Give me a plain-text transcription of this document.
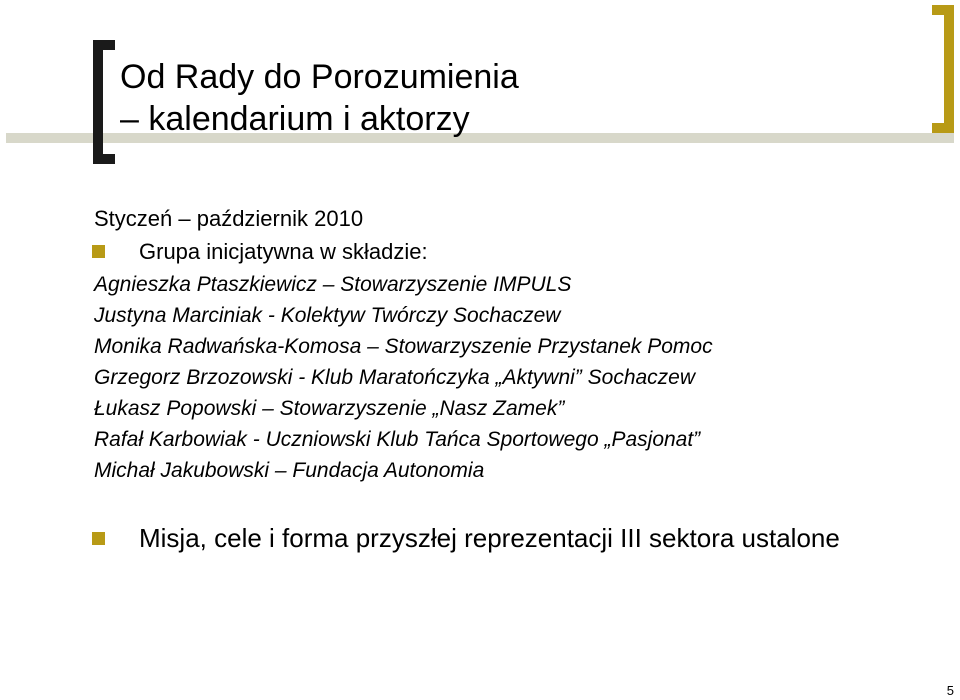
Od Rady do Porozumienia
– kalendarium i aktorzy
Styczeń – październik 2010
Grupa inicjatywna w składzie:
Agnieszka Ptaszkiewicz – Stowarzyszenie IMPULS
Justyna Marciniak - Kolektyw Twórczy Sochaczew
Monika Radwańska-Komosa – Stowarzyszenie Przystanek Pomoc
Grzegorz Brzozowski - Klub Maratończyka „Aktywni” Sochaczew
Łukasz Popowski – Stowarzyszenie „Nasz Zamek”
Rafał Karbowiak - Uczniowski Klub Tańca Sportowego „Pasjonat”
Michał Jakubowski – Fundacja Autonomia
Misja, cele i forma przyszłej reprezentacji III sektora ustalone
5
